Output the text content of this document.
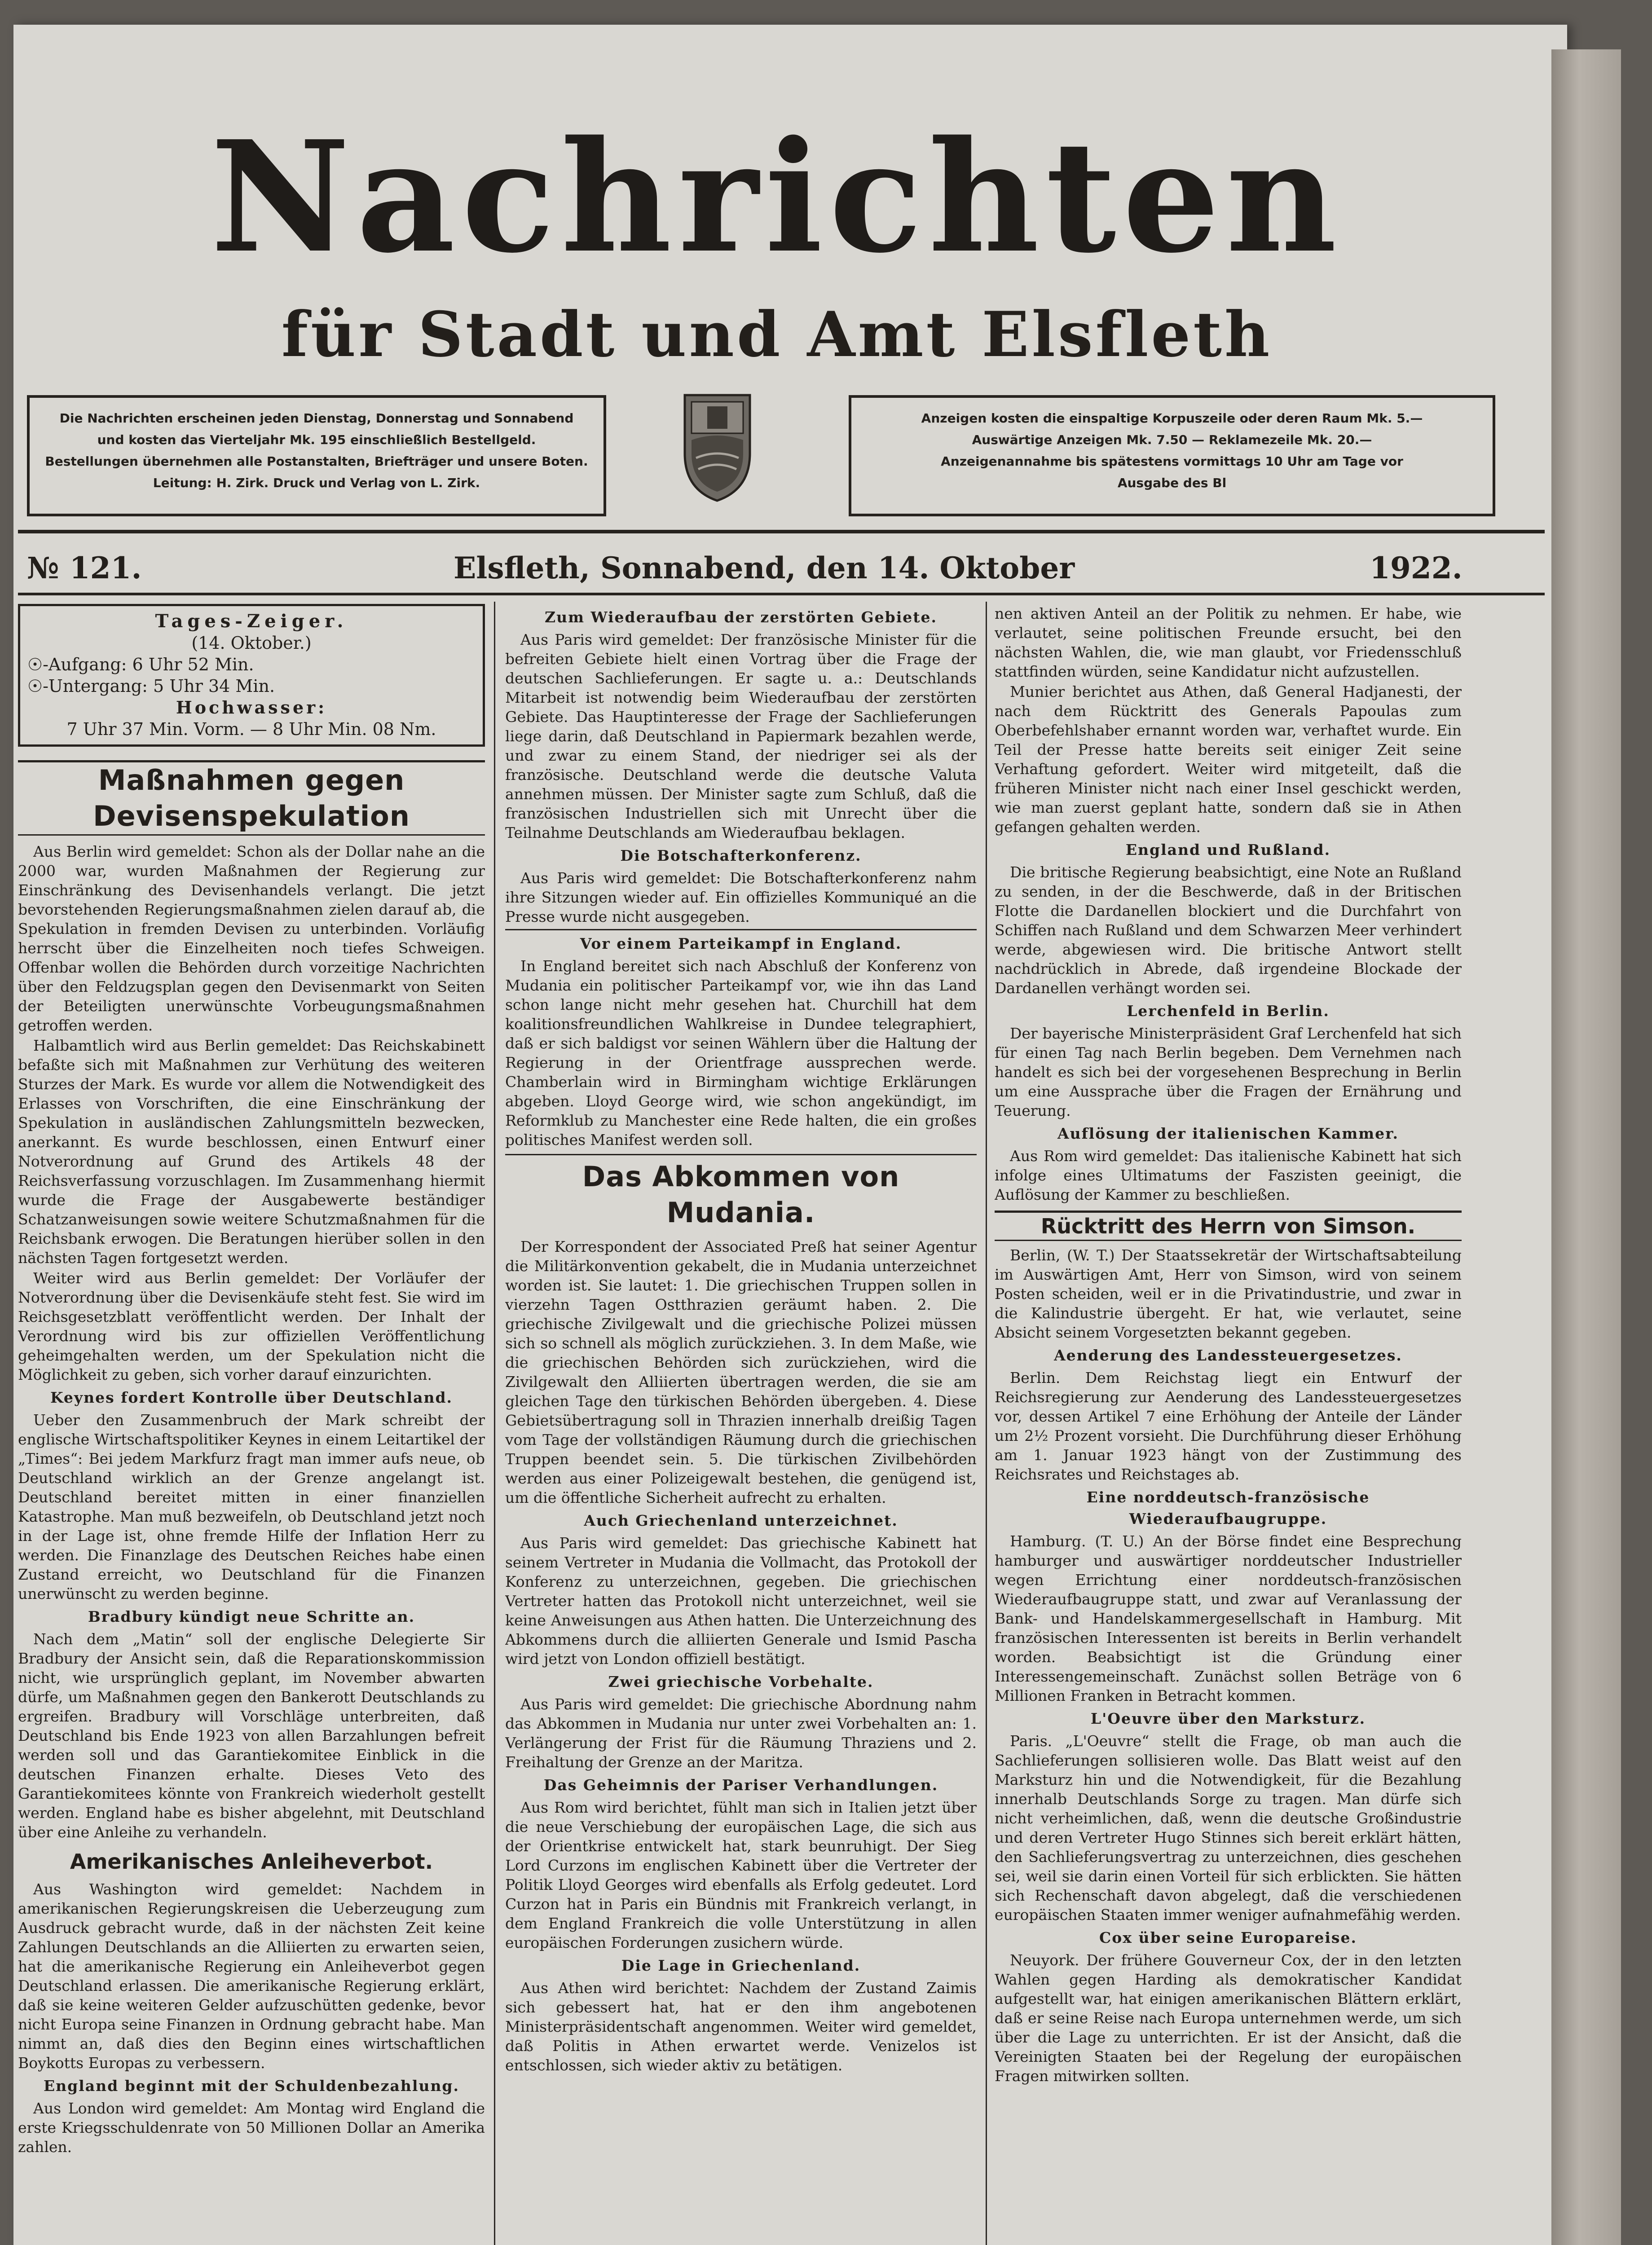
Nachrichten
für Stadt und Amt Elsfleth
Die Nachrichten erscheinen jeden Dienstag, Donnerstag und Sonnabend
und kosten das Vierteljahr Mk. 195 einschließlich Bestellgeld.
Bestellungen übernehmen alle Postanstalten, Briefträger und unsere Boten.
Leitung: H. Zirk. Druck und Verlag von L. Zirk.
Anzeigen kosten die einspaltige Korpuszeile oder deren Raum Mk. 5.—
Auswärtige Anzeigen Mk. 7.50 — Reklamezeile Mk. 20.—
Anzeigenannahme bis spätestens vormittags 10 Uhr am Tage vor
Ausgabe des Bl
№ 121.	Elsfleth, Sonnabend, den 14. Oktober	1922.
Tages-Zeiger.
(14. Oktober.)
☉-Aufgang: 6 Uhr 52 Min.
☉-Untergang: 5 Uhr 34 Min.
Hochwasser:
7 Uhr 37 Min. Vorm. — 8 Uhr Min. 08 Nm.
Maßnahmen gegen Devisenspekulation

Aus Berlin wird gemeldet: Schon als der Dollar nahe an die 2000 war, wurden Maßnahmen der Regierung zur Einschränkung des Devisenhandels verlangt. Die jetzt bevorstehenden Regierungsmaßnahmen zielen darauf ab, die Spekulation in fremden Devisen zu unterbinden. Vorläufig herrscht über die Einzelheiten noch tiefes Schweigen. Offenbar wollen die Behörden durch vorzeitige Nachrichten über den Feldzugsplan gegen den Devisenmarkt von Seiten der Beteiligten unerwünschte Vorbeugungsmaßnahmen getroffen werden.

Halbamtlich wird aus Berlin gemeldet: Das Reichskabinett befaßte sich mit Maßnahmen zur Verhütung des weiteren Sturzes der Mark. Es wurde vor allem die Notwendigkeit des Erlasses von Vorschriften, die eine Einschränkung der Spekulation in ausländischen Zahlungsmitteln bezwecken, anerkannt. Es wurde beschlossen, einen Entwurf einer Notverordnung auf Grund des Artikels 48 der Reichsverfassung vorzuschlagen. Im Zusammenhang hiermit wurde die Frage der Ausgabewerte beständiger Schatzanweisungen sowie weitere Schutzmaßnahmen für die Reichsbank erwogen. Die Beratungen hierüber sollen in den nächsten Tagen fortgesetzt werden.

Weiter wird aus Berlin gemeldet: Der Vorläufer der Notverordnung über die Devisenkäufe steht fest. Sie wird im Reichsgesetzblatt veröffentlicht werden. Der Inhalt der Verordnung wird bis zur offiziellen Veröffentlichung geheimgehalten werden, um der Spekulation nicht die Möglichkeit zu geben, sich vorher darauf einzurichten.

Keynes fordert Kontrolle über Deutschland.

Ueber den Zusammenbruch der Mark schreibt der englische Wirtschaftspolitiker Keynes in einem Leitartikel der „Times“: Bei jedem Markfurz fragt man immer aufs neue, ob Deutschland wirklich an der Grenze angelangt ist. Deutschland bereitet mitten in einer finanziellen Katastrophe. Man muß bezweifeln, ob Deutschland jetzt noch in der Lage ist, ohne fremde Hilfe der Inflation Herr zu werden. Die Finanzlage des Deutschen Reiches habe einen Zustand erreicht, wo Deutschland für die Finanzen unerwünscht zu werden beginne.

Bradbury kündigt neue Schritte an.

Nach dem „Matin“ soll der englische Delegierte Sir Bradbury der Ansicht sein, daß die Reparationskommission nicht, wie ursprünglich geplant, im November abwarten dürfe, um Maßnahmen gegen den Bankerott Deutschlands zu ergreifen. Bradbury will Vorschläge unterbreiten, daß Deutschland bis Ende 1923 von allen Barzahlungen befreit werden soll und das Garantiekomitee Einblick in die deutschen Finanzen erhalte. Dieses Veto des Garantiekomitees könnte von Frankreich wiederholt gestellt werden. England habe es bisher abgelehnt, mit Deutschland über eine Anleihe zu verhandeln.

Amerikanisches Anleiheverbot.

Aus Washington wird gemeldet: Nachdem in amerikanischen Regierungskreisen die Ueberzeugung zum Ausdruck gebracht wurde, daß in der nächsten Zeit keine Zahlungen Deutschlands an die Alliierten zu erwarten seien, hat die amerikanische Regierung ein Anleiheverbot gegen Deutschland erlassen. Die amerikanische Regierung erklärt, daß sie keine weiteren Gelder aufzuschütten gedenke, bevor nicht Europa seine Finanzen in Ordnung gebracht habe. Man nimmt an, daß dies den Beginn eines wirtschaftlichen Boykotts Europas zu verbessern.

England beginnt mit der Schuldenbezahlung.

Aus London wird gemeldet: Am Montag wird England die erste Kriegsschuldenrate von 50 Millionen Dollar an Amerika zahlen.

Zum Wiederaufbau der zerstörten Gebiete.

Aus Paris wird gemeldet: Der französische Minister für die befreiten Gebiete hielt einen Vortrag über die Frage der deutschen Sachlieferungen. Er sagte u. a.: Deutschlands Mitarbeit ist notwendig beim Wiederaufbau der zerstörten Gebiete. Das Hauptinteresse der Frage der Sachlieferungen liege darin, daß Deutschland in Papiermark bezahlen werde, und zwar zu einem Stand, der niedriger sei als der französische. Deutschland werde die deutsche Valuta annehmen müssen. Der Minister sagte zum Schluß, daß die französischen Industriellen sich mit Unrecht über die Teilnahme Deutschlands am Wiederaufbau beklagen.

Die Botschafterkonferenz.

Aus Paris wird gemeldet: Die Botschafterkonferenz nahm ihre Sitzungen wieder auf. Ein offizielles Kommuniqué an die Presse wurde nicht ausgegeben.

Vor einem Parteikampf in England.

In England bereitet sich nach Abschluß der Konferenz von Mudania ein politischer Parteikampf vor, wie ihn das Land schon lange nicht mehr gesehen hat. Churchill hat dem koalitionsfreundlichen Wahlkreise in Dundee telegraphiert, daß er sich baldigst vor seinen Wählern über die Haltung der Regierung in der Orientfrage aussprechen werde. Chamberlain wird in Birmingham wichtige Erklärungen abgeben. Lloyd George wird, wie schon angekündigt, im Reformklub zu Manchester eine Rede halten, die ein großes politisches Manifest werden soll.

Das Abkommen von Mudania.

Der Korrespondent der Associated Preß hat seiner Agentur die Militärkonvention gekabelt, die in Mudania unterzeichnet worden ist. Sie lautet: 1. Die griechischen Truppen sollen in vierzehn Tagen Ostthrazien geräumt haben. 2. Die griechische Zivilgewalt und die griechische Polizei müssen sich so schnell als möglich zurückziehen. 3. In dem Maße, wie die griechischen Behörden sich zurückziehen, wird die Zivilgewalt den Alliierten übertragen werden, die sie am gleichen Tage den türkischen Behörden übergeben. 4. Diese Gebietsübertragung soll in Thrazien innerhalb dreißig Tagen vom Tage der vollständigen Räumung durch die griechischen Truppen beendet sein. 5. Die türkischen Zivilbehörden werden aus einer Polizeigewalt bestehen, die genügend ist, um die öffentliche Sicherheit aufrecht zu erhalten.

Auch Griechenland unterzeichnet.

Aus Paris wird gemeldet: Das griechische Kabinett hat seinem Vertreter in Mudania die Vollmacht, das Protokoll der Konferenz zu unterzeichnen, gegeben. Die griechischen Vertreter hatten das Protokoll nicht unterzeichnet, weil sie keine Anweisungen aus Athen hatten. Die Unterzeichnung des Abkommens durch die alliierten Generale und Ismid Pascha wird jetzt von London offiziell bestätigt.

Zwei griechische Vorbehalte.

Aus Paris wird gemeldet: Die griechische Abordnung nahm das Abkommen in Mudania nur unter zwei Vorbehalten an: 1. Verlängerung der Frist für die Räumung Thraziens und 2. Freihaltung der Grenze an der Maritza.

Das Geheimnis der Pariser Verhandlungen.

Aus Rom wird berichtet, fühlt man sich in Italien jetzt über die neue Verschiebung der europäischen Lage, die sich aus der Orientkrise entwickelt hat, stark beunruhigt. Der Sieg Lord Curzons im englischen Kabinett über die Vertreter der Politik Lloyd Georges wird ebenfalls als Erfolg gedeutet. Lord Curzon hat in Paris ein Bündnis mit Frankreich verlangt, in dem England Frankreich die volle Unterstützung in allen europäischen Forderungen zusichern würde.

Die Lage in Griechenland.

Aus Athen wird berichtet: Nachdem der Zustand Zaimis sich gebessert hat, hat er den ihm angebotenen Ministerpräsidentschaft angenommen. Weiter wird gemeldet, daß Politis in Athen erwartet werde. Venizelos ist entschlossen, sich wieder aktiv zu betätigen.

nen aktiven Anteil an der Politik zu nehmen. Er habe, wie verlautet, seine politischen Freunde ersucht, bei den nächsten Wahlen, die, wie man glaubt, vor Friedensschluß stattfinden würden, seine Kandidatur nicht aufzustellen.

Munier berichtet aus Athen, daß General Hadjanesti, der nach dem Rücktritt des Generals Papoulas zum Oberbefehlshaber ernannt worden war, verhaftet wurde. Ein Teil der Presse hatte bereits seit einiger Zeit seine Verhaftung gefordert. Weiter wird mitgeteilt, daß die früheren Minister nicht nach einer Insel geschickt werden, wie man zuerst geplant hatte, sondern daß sie in Athen gefangen gehalten werden.

England und Rußland.

Die britische Regierung beabsichtigt, eine Note an Rußland zu senden, in der die Beschwerde, daß in der Britischen Flotte die Dardanellen blockiert und die Durchfahrt von Schiffen nach Rußland und dem Schwarzen Meer verhindert werde, abgewiesen wird. Die britische Antwort stellt nachdrücklich in Abrede, daß irgendeine Blockade der Dardanellen verhängt worden sei.

Lerchenfeld in Berlin.

Der bayerische Ministerpräsident Graf Lerchenfeld hat sich für einen Tag nach Berlin begeben. Dem Vernehmen nach handelt es sich bei der vorgesehenen Besprechung in Berlin um eine Aussprache über die Fragen der Ernährung und Teuerung.

Auflösung der italienischen Kammer.

Aus Rom wird gemeldet: Das italienische Kabinett hat sich infolge eines Ultimatums der Faszisten geeinigt, die Auflösung der Kammer zu beschließen.

Rücktritt des Herrn von Simson.

Berlin, (W. T.) Der Staatssekretär der Wirtschaftsabteilung im Auswärtigen Amt, Herr von Simson, wird von seinem Posten scheiden, weil er in die Privatindustrie, und zwar in die Kalindustrie übergeht. Er hat, wie verlautet, seine Absicht seinem Vorgesetzten bekannt gegeben.

Aenderung des Landessteuergesetzes.

Berlin. Dem Reichstag liegt ein Entwurf der Reichsregierung zur Aenderung des Landessteuergesetzes vor, dessen Artikel 7 eine Erhöhung der Anteile der Länder um 2½ Prozent vorsieht. Die Durchführung dieser Erhöhung am 1. Januar 1923 hängt von der Zustimmung des Reichsrates und Reichstages ab.

Eine norddeutsch-französische Wiederaufbaugruppe.

Hamburg. (T. U.) An der Börse findet eine Besprechung hamburger und auswärtiger norddeutscher Industrieller wegen Errichtung einer norddeutsch-französischen Wiederaufbaugruppe statt, und zwar auf Veranlassung der Bank- und Handelskammergesellschaft in Hamburg. Mit französischen Interessenten ist bereits in Berlin verhandelt worden. Beabsichtigt ist die Gründung einer Interessengemeinschaft. Zunächst sollen Beträge von 6 Millionen Franken in Betracht kommen.

L'Oeuvre über den Marksturz.

Paris. „L'Oeuvre“ stellt die Frage, ob man auch die Sachlieferungen sollisieren wolle. Das Blatt weist auf den Marksturz hin und die Notwendigkeit, für die Bezahlung innerhalb Deutschlands Sorge zu tragen. Man dürfe sich nicht verheimlichen, daß, wenn die deutsche Großindustrie und deren Vertreter Hugo Stinnes sich bereit erklärt hätten, den Sachlieferungsvertrag zu unterzeichnen, dies geschehen sei, weil sie darin einen Vorteil für sich erblickten. Sie hätten sich Rechenschaft davon abgelegt, daß die verschiedenen europäischen Staaten immer weniger aufnahmefähig werden.

Cox über seine Europareise.

Neuyork. Der frühere Gouverneur Cox, der in den letzten Wahlen gegen Harding als demokratischer Kandidat aufgestellt war, hat einigen amerikanischen Blättern erklärt, daß er seine Reise nach Europa unternehmen werde, um sich über die Lage zu unterrichten. Er ist der Ansicht, daß die Vereinigten Staaten bei der Regelung der europäischen Fragen mitwirken sollten.
